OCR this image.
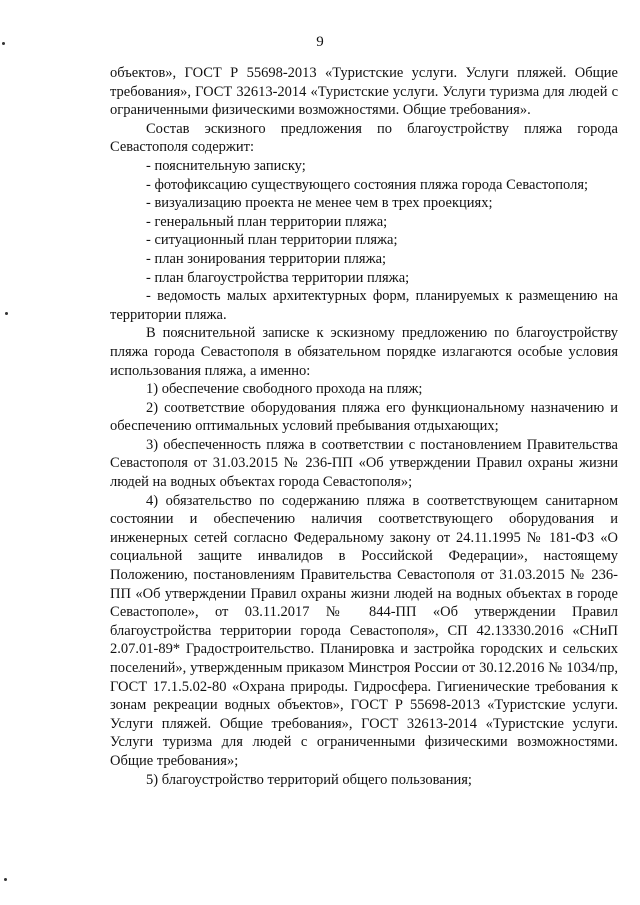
9

объектов», ГОСТ Р 55698-2013 «Туристские услуги. Услуги пляжей. Общие требования», ГОСТ 32613-2014 «Туристские услуги. Услуги туризма для людей с ограниченными физическими возможностями. Общие требования».

Состав эскизного предложения по благоустройству пляжа города Севастополя содержит:

- пояснительную записку;

- фотофиксацию существующего состояния пляжа города Севастополя;

- визуализацию проекта не менее чем в трех проекциях;

- генеральный план территории пляжа;

- ситуационный план территории пляжа;

- план зонирования территории пляжа;

- план благоустройства территории пляжа;

- ведомость малых архитектурных форм, планируемых к размещению на территории пляжа.

В пояснительной записке к эскизному предложению по благоустройству пляжа города Севастополя в обязательном порядке излагаются особые условия использования пляжа, а именно:

1) обеспечение свободного прохода на пляж;

2) соответствие оборудования пляжа его функциональному назначению и обеспечению оптимальных условий пребывания отдыхающих;

3) обеспеченность пляжа в соответствии с постановлением Правительства Севастополя от 31.03.2015 № 236-ПП «Об утверждении Правил охраны жизни людей на водных объектах города Севастополя»;

4) обязательство по содержанию пляжа в соответствующем санитарном состоянии и обеспечению наличия соответствующего оборудования и инженерных сетей согласно Федеральному закону от 24.11.1995 № 181-ФЗ «О социальной защите инвалидов в Российской Федерации», настоящему Положению, постановлениям Правительства Севастополя от 31.03.2015 № 236-ПП «Об утверждении Правил охраны жизни людей на водных объектах в городе Севастополе», от 03.11.2017 № 844-ПП «Об утверждении Правил благоустройства территории города Севастополя», СП 42.13330.2016 «СНиП 2.07.01-89* Градостроительство. Планировка и застройка городских и сельских поселений», утвержденным приказом Минстроя России от 30.12.2016 № 1034/пр, ГОСТ 17.1.5.02-80 «Охрана природы. Гидросфера. Гигиенические требования к зонам рекреации водных объектов», ГОСТ Р 55698-2013 «Туристские услуги. Услуги пляжей. Общие требования», ГОСТ 32613-2014 «Туристские услуги. Услуги туризма для людей с ограниченными физическими возможностями. Общие требования»;

5) благоустройство территорий общего пользования;
